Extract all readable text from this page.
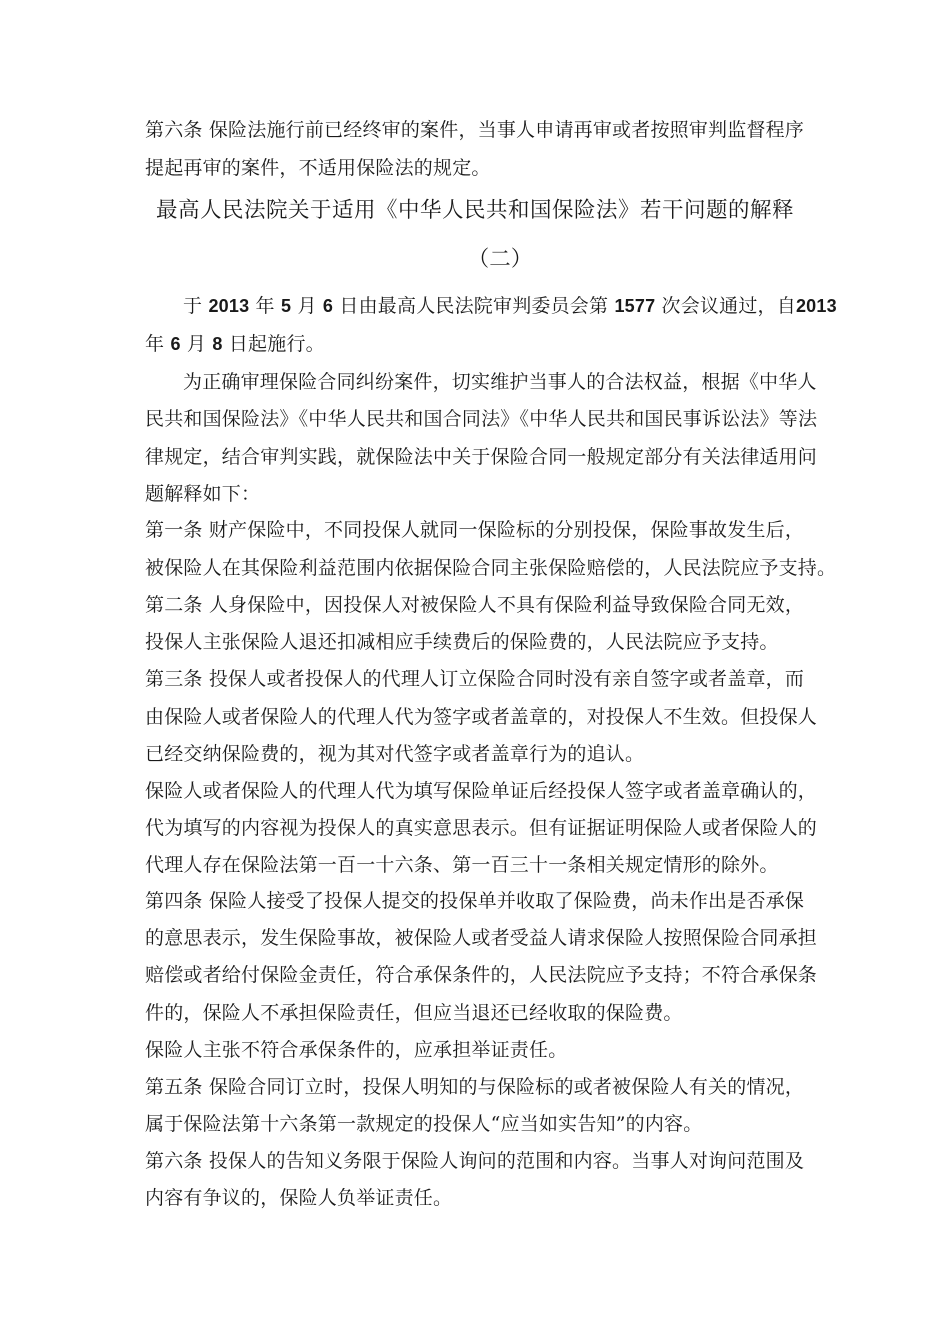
第六条 保险法施行前已经终审的案件，当事人申请再审或者按照审判监督程序
提起再审的案件，不适用保险法的规定。
最高人民法院关于适用《中华人民共和国保险法》若干问题的解释
（二）
于 2013 年 5 月 6 日由最高人民法院审判委员会第 1577 次会议通过，自2013
年 6 月 8 日起施行。
为正确审理保险合同纠纷案件，切实维护当事人的合法权益，根据《中华人
民共和国保险法》《中华人民共和国合同法》《中华人民共和国民事诉讼法》等法
律规定，结合审判实践，就保险法中关于保险合同一般规定部分有关法律适用问
题解释如下：
第一条 财产保险中，不同投保人就同一保险标的分别投保，保险事故发生后，
被保险人在其保险利益范围内依据保险合同主张保险赔偿的，人民法院应予支持。
第二条 人身保险中，因投保人对被保险人不具有保险利益导致保险合同无效，
投保人主张保险人退还扣减相应手续费后的保险费的，人民法院应予支持。
第三条 投保人或者投保人的代理人订立保险合同时没有亲自签字或者盖章，而
由保险人或者保险人的代理人代为签字或者盖章的，对投保人不生效。但投保人
已经交纳保险费的，视为其对代签字或者盖章行为的追认。
保险人或者保险人的代理人代为填写保险单证后经投保人签字或者盖章确认的，
代为填写的内容视为投保人的真实意思表示。但有证据证明保险人或者保险人的
代理人存在保险法第一百一十六条、第一百三十一条相关规定情形的除外。
第四条 保险人接受了投保人提交的投保单并收取了保险费，尚未作出是否承保
的意思表示，发生保险事故，被保险人或者受益人请求保险人按照保险合同承担
赔偿或者给付保险金责任，符合承保条件的，人民法院应予支持；不符合承保条
件的，保险人不承担保险责任，但应当退还已经收取的保险费。
保险人主张不符合承保条件的，应承担举证责任。
第五条 保险合同订立时，投保人明知的与保险标的或者被保险人有关的情况，
属于保险法第十六条第一款规定的投保人“应当如实告知”的内容。
第六条 投保人的告知义务限于保险人询问的范围和内容。当事人对询问范围及
内容有争议的，保险人负举证责任。
